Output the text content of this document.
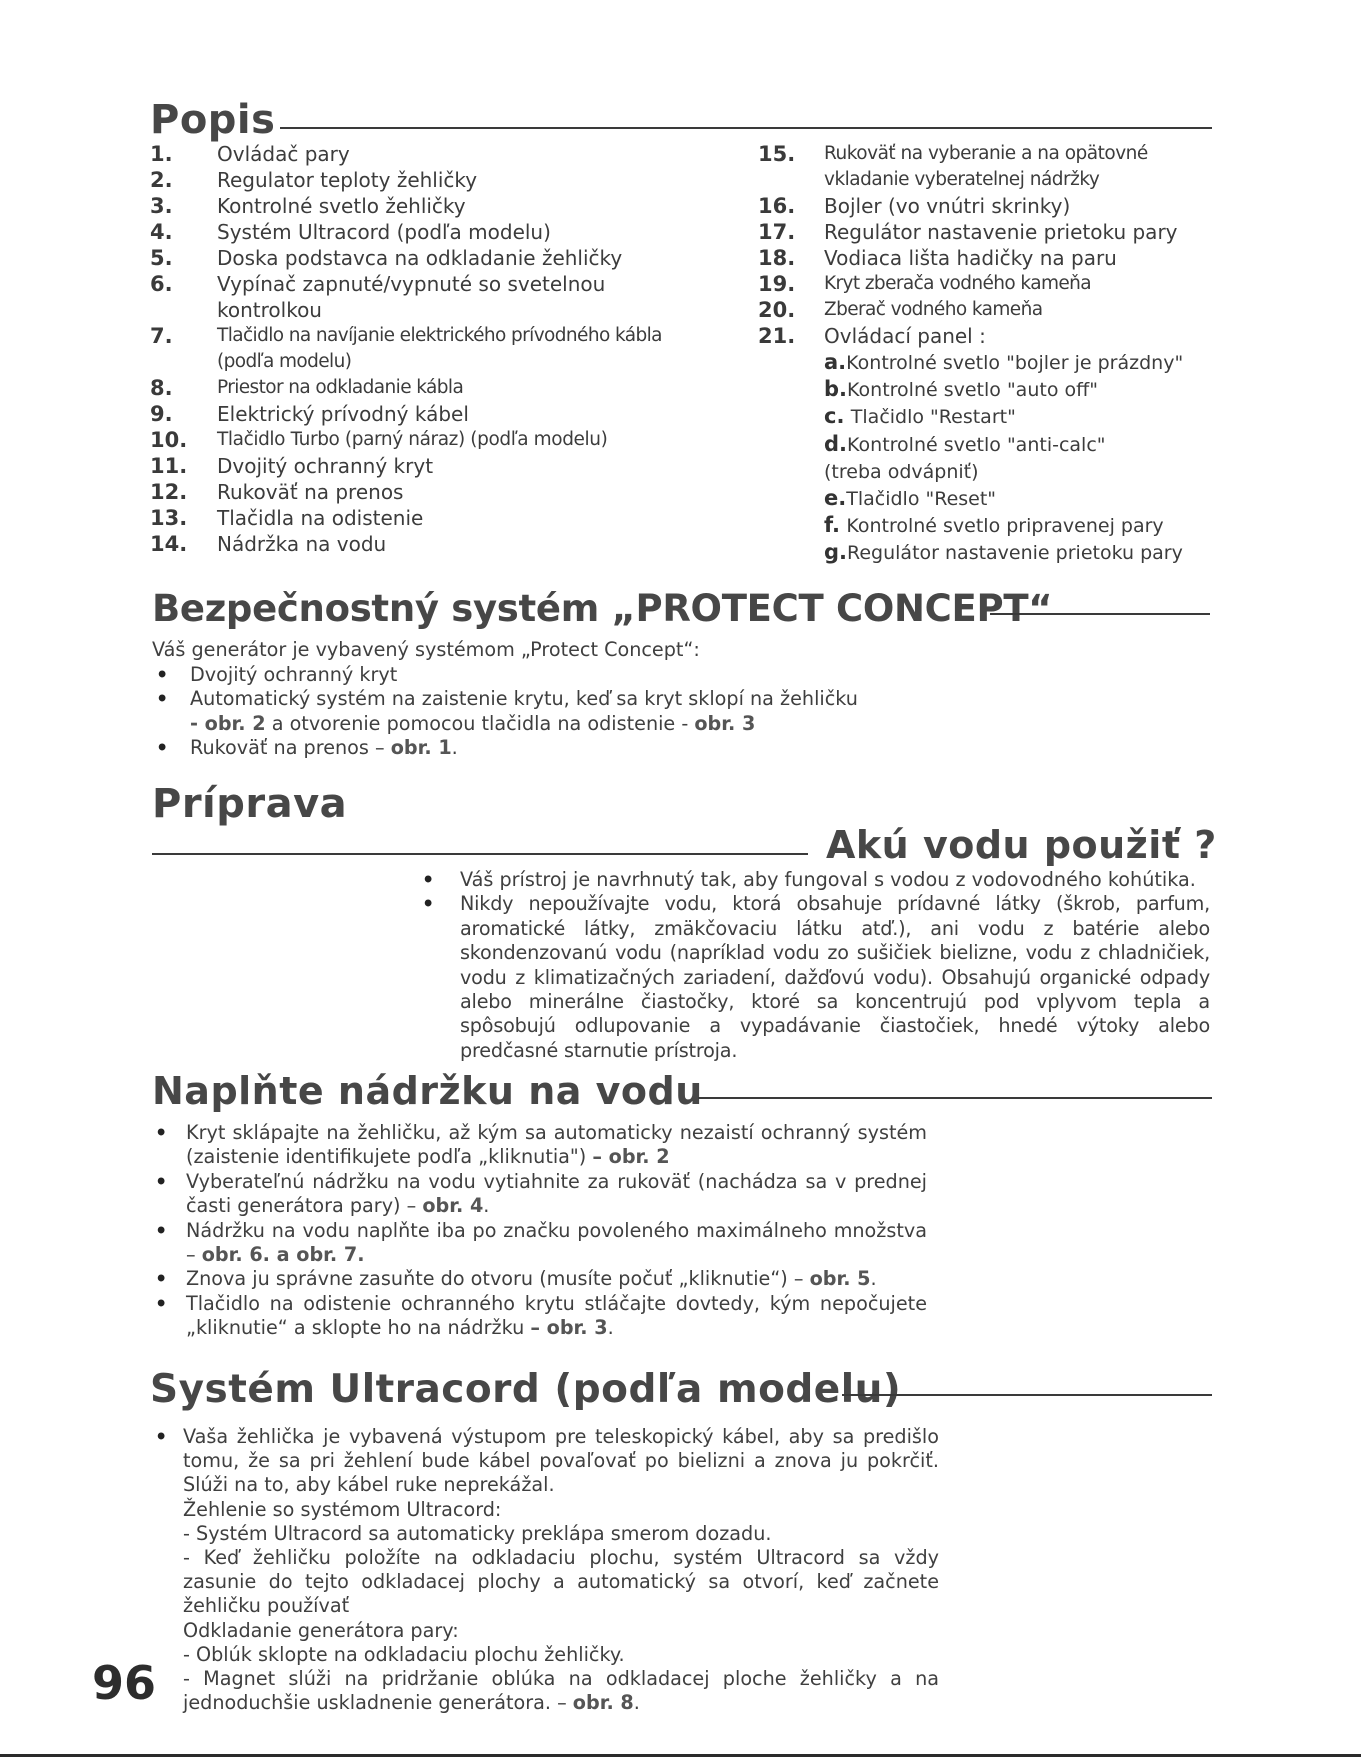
Popis
1. Ovládač pary
2. Regulator teploty žehličky
3. Kontrolné svetlo žehličky
4. Systém Ultracord (podľa modelu)
5. Doska podstavca na odkladanie žehličky
6. Vypínač zapnuté/vypnuté so svetelnou kontrolkou
7. Tlačidlo na navíjanie elektrického prívodného kábla (podľa modelu)
8. Priestor na odkladanie kábla
9. Elektrický prívodný kábel
10. Tlačidlo Turbo (parný náraz) (podľa modelu)
11. Dvojitý ochranný kryt
12. Rukoväť na prenos
13. Tlačidla na odistenie
14. Nádržka na vodu
15. Rukoväť na vyberanie a na opätovné vkladanie vyberatelnej nádržky
16. Bojler (vo vnútri skrinky)
17. Regulátor nastavenie prietoku pary
18. Vodiaca lišta hadičky na paru
19. Kryt zberača vodného kameňa
20. Zberač vodného kameňa
21. Ovládací panel :
a.Kontrolné svetlo "bojler je prázdny"
b.Kontrolné svetlo "auto off"
c. Tlačidlo "Restart"
d.Kontrolné svetlo "anti-calc" (treba odvápniť)
e.Tlačidlo "Reset"
f. Kontrolné svetlo pripravenej pary
g.Regulátor nastavenie prietoku pary
Bezpečnostný systém „PROTECT CONCEPT“

Váš generátor je vybavený systémom „Protect Concept“:

• Dvojitý ochranný kryt
• Automatický systém na zaistenie krytu, keď sa kryt sklopí na žehličku
- obr. 2 a otvorenie pomocou tlačidla na odistenie - obr. 3
• Rukoväť na prenos – obr. 1.
Príprava
Akú vodu použiť ?
• Váš prístroj je navrhnutý tak, aby fungoval s vodou z vodovodného kohútika.
• Nikdy nepoužívajte vodu, ktorá obsahuje prídavné látky (škrob, parfum, aromatické látky, zmäkčovaciu látku atď.), ani vodu z batérie alebo skondenzovanú vodu (napríklad vodu zo sušičiek bielizne, vodu z chladničiek, vodu z klimatizačných zariadení, dažďovú vodu). Obsahujú organické odpady alebo minerálne čiastočky, ktoré sa koncentrujú pod vplyvom tepla a spôsobujú odlupovanie a vypadávanie čiastočiek, hnedé výtoky alebo predčasné starnutie prístroja.
Naplňte nádržku na vodu
• Kryt sklápajte na žehličku, až kým sa automaticky nezaistí ochranný systém (zaistenie identifikujete podľa „kliknutia") – obr. 2
• Vyberateľnú nádržku na vodu vytiahnite za rukoväť (nachádza sa v prednej časti generátora pary) – obr. 4.
• Nádržku na vodu naplňte iba po značku povoleného maximálneho množstva – obr. 6. a obr. 7.
• Znova ju správne zasuňte do otvoru (musíte počuť „kliknutie“) – obr. 5.
• Tlačidlo na odistenie ochranného krytu stláčajte dovtedy, kým nepočujete „kliknutie“ a sklopte ho na nádržku – obr. 3.
Systém Ultracord (podľa modelu)
• Vaša žehlička je vybavená výstupom pre teleskopický kábel, aby sa predišlo tomu, že sa pri žehlení bude kábel povaľovať po bielizni a znova ju pokrčiť. Slúži na to, aby kábel ruke neprekážal.
Žehlenie so systémom Ultracord:
- Systém Ultracord sa automaticky preklápa smerom dozadu.
- Keď žehličku položíte na odkladaciu plochu, systém Ultracord sa vždy zasunie do tejto odkladacej plochy a automatický sa otvorí, keď začnete žehličku používať
Odkladanie generátora pary:
- Oblúk sklopte na odkladaciu plochu žehličky.
- Magnet slúži na pridržanie oblúka na odkladacej ploche žehličky a na jednoduchšie uskladnenie generátora. – obr. 8.
96
